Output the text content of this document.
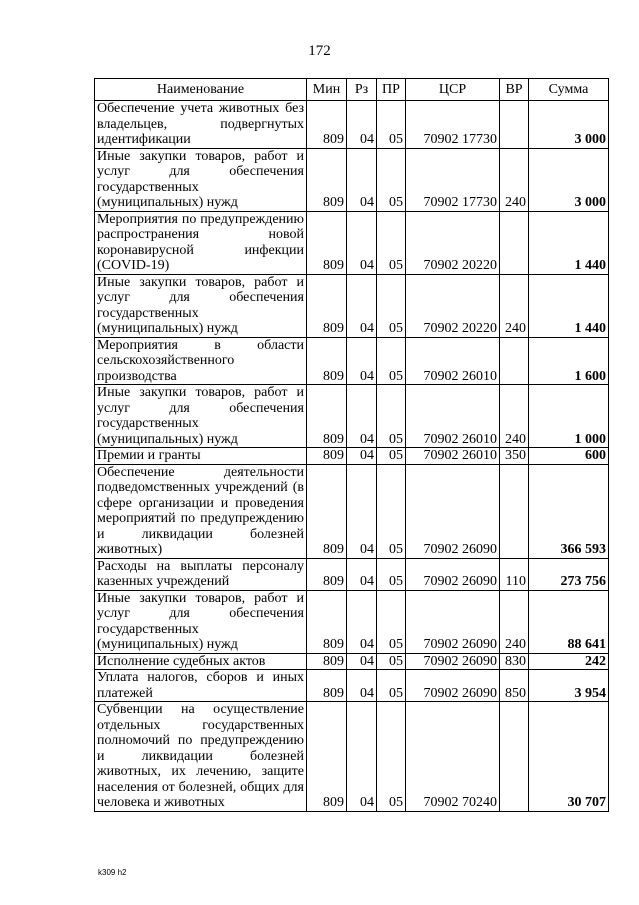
172
Наименование	Мин	Рз	ПР	ЦСР	ВР	Сумма
Обеспечение учета животных без владельцев, подвергнутых идентификации	809	04	05	70902 17730		3 000
Иные закупки товаров, работ и услуг для обеспечения государственных (муниципальных) нужд	809	04	05	70902 17730	240	3 000
Мероприятия по предупреждению распространения новой коронавирусной инфекции (COVID-19)	809	04	05	70902 20220		1 440
Иные закупки товаров, работ и услуг для обеспечения государственных (муниципальных) нужд	809	04	05	70902 20220	240	1 440
Мероприятия в области сельскохозяйственного производства	809	04	05	70902 26010		1 600
Иные закупки товаров, работ и услуг для обеспечения государственных (муниципальных) нужд	809	04	05	70902 26010	240	1 000
Премии и гранты	809	04	05	70902 26010	350	600
Обеспечение деятельности подведомственных учреждений (в сфере организации и проведения мероприятий по предупреждению и ликвидации болезней животных)	809	04	05	70902 26090		366 593
Расходы на выплаты персоналу казенных учреждений	809	04	05	70902 26090	110	273 756
Иные закупки товаров, работ и услуг для обеспечения государственных (муниципальных) нужд	809	04	05	70902 26090	240	88 641
Исполнение судебных актов	809	04	05	70902 26090	830	242
Уплата налогов, сборов и иных платежей	809	04	05	70902 26090	850	3 954
Субвенции на осуществление отдельных государственных полномочий по предупреждению и ликвидации болезней животных, их лечению, защите населения от болезней, общих для человека и животных	809	04	05	70902 70240		30 707
k309 h2
